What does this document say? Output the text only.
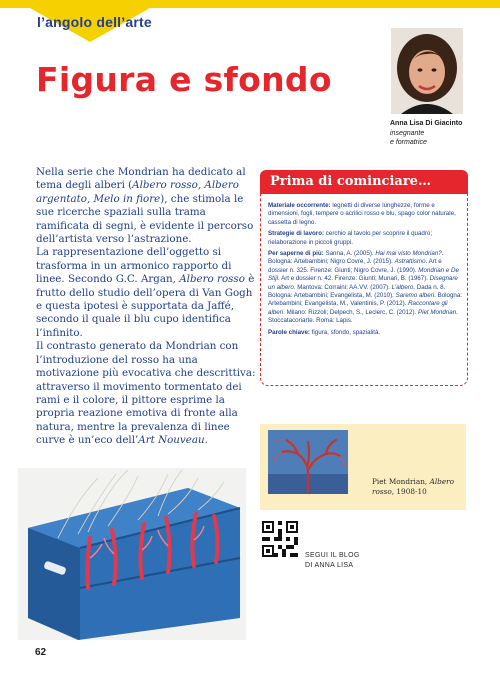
l’angolo dell’arte
Figura e sfondo
Anna Lisa Di Giacinto
insegnante
e formatrice

Nella serie che Mondrian ha dedicato al tema degli alberi (Albero rosso, Albero argentato, Melo in fiore), che stimola le sue ricerche spaziali sulla trama ramificata di segni, è evidente il percorso dell’artista verso l’astrazione.

La rappresentazione dell’oggetto si trasforma in un armonico rapporto di linee. Secondo G.C. Argan, Albero rosso è frutto dello studio dell’opera di Van Gogh e questa ipotesi è supportata da Jaffé, secondo il quale il blu cupo identifica l’infinito.

Il contrasto generato da Mondrian con l’introduzione del rosso ha una motivazione più evocativa che descrittiva: attraverso il movimento tormentato dei rami e il colore, il pittore esprime la propria reazione emotiva di fronte alla natura, mentre la prevalenza di linee curve è un’eco dell’Art Nouveau.

Prima di cominciare…

Materiale occorrente: legnetti di diverse lunghezze, forme e dimensioni, fogli, tempere o acrilici rosso e blu, spago color naturale, cassetta di legno.

Strategie di lavoro: cerchio al tavolo per scoprire il quadro; rielaborazione in piccoli gruppi.

Per saperne di più: Sanna, A. (2005). Hai mai visto Mondrian?. Bologna: Artebambini; Nigro Covre, J. (2015). Astrattismo. Art e dossier n. 325. Firenze: Giunti; Nigro Covre, J. (1990). Mondrian e De Stijl. Art e dossier n. 42. Firenze: Giunti; Munari, B. (1967). Disegnare un albero. Mantova: Corraini; AA.VV. (2007). L’albero. Dada n. 8. Bologna: Artebambini; Evangelista, M. (2010). Saremo alberi. Bologna: Artebambini; Evangelista, M., Valentinis, P. (2012). Raccontare gli alberi. Milano: Rizzoli; Delpech, S., Leclerc, C. (2012). Piet Mondrian. Stoccatacoriarte. Roma: Lapis.

Parole chiave: figura, sfondo, spazialità.

Piet Mondrian, Albero rosso, 1908-10
SEGUI IL BLOG
DI ANNA LISA
62
